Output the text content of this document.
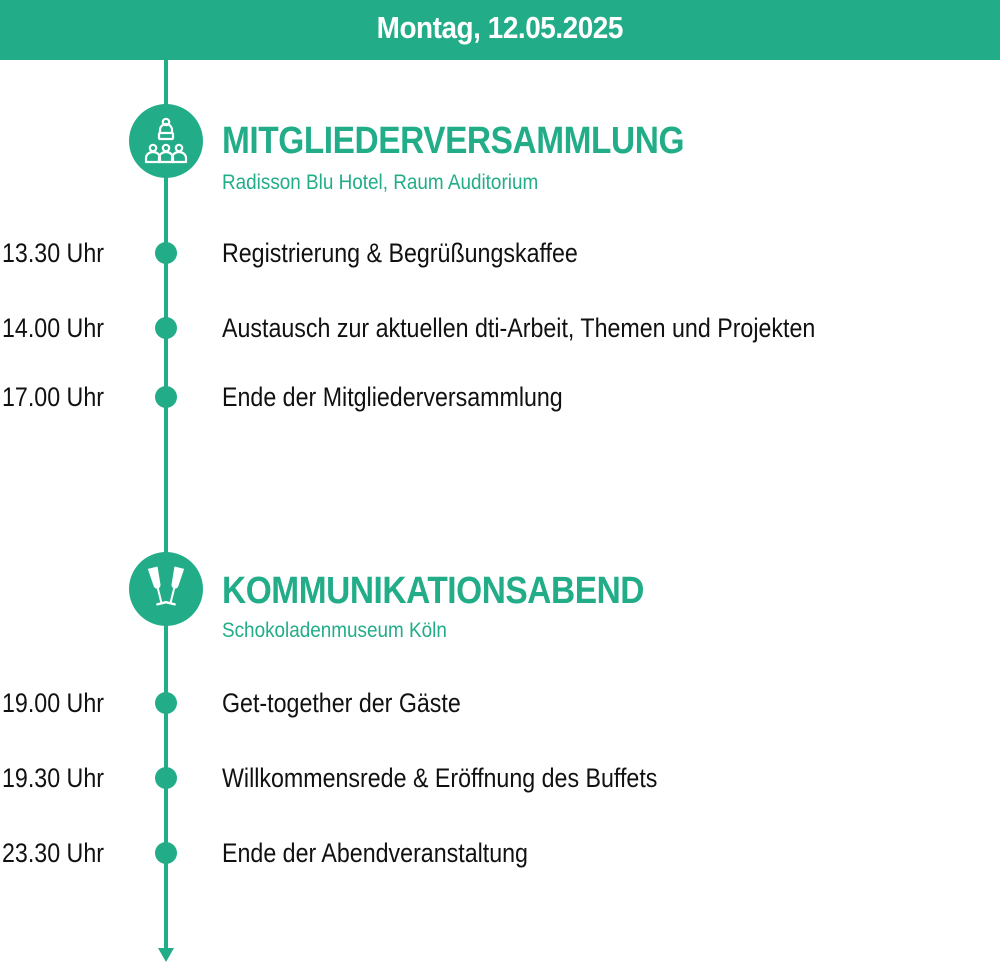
Montag, 12.05.2025
MITGLIEDERVERSAMMLUNG
Radisson Blu Hotel, Raum Auditorium
13.30 Uhr	Registrierung & Begrüßungskaffee
14.00 Uhr	Austausch zur aktuellen dti-Arbeit, Themen und Projekten
17.00 Uhr	Ende der Mitgliederversammlung
KOMMUNIKATIONSABEND
Schokoladenmuseum Köln
19.00 Uhr	Get-together der Gäste
19.30 Uhr	Willkommensrede & Eröffnung des Buffets
23.30 Uhr	Ende der Abendveranstaltung
